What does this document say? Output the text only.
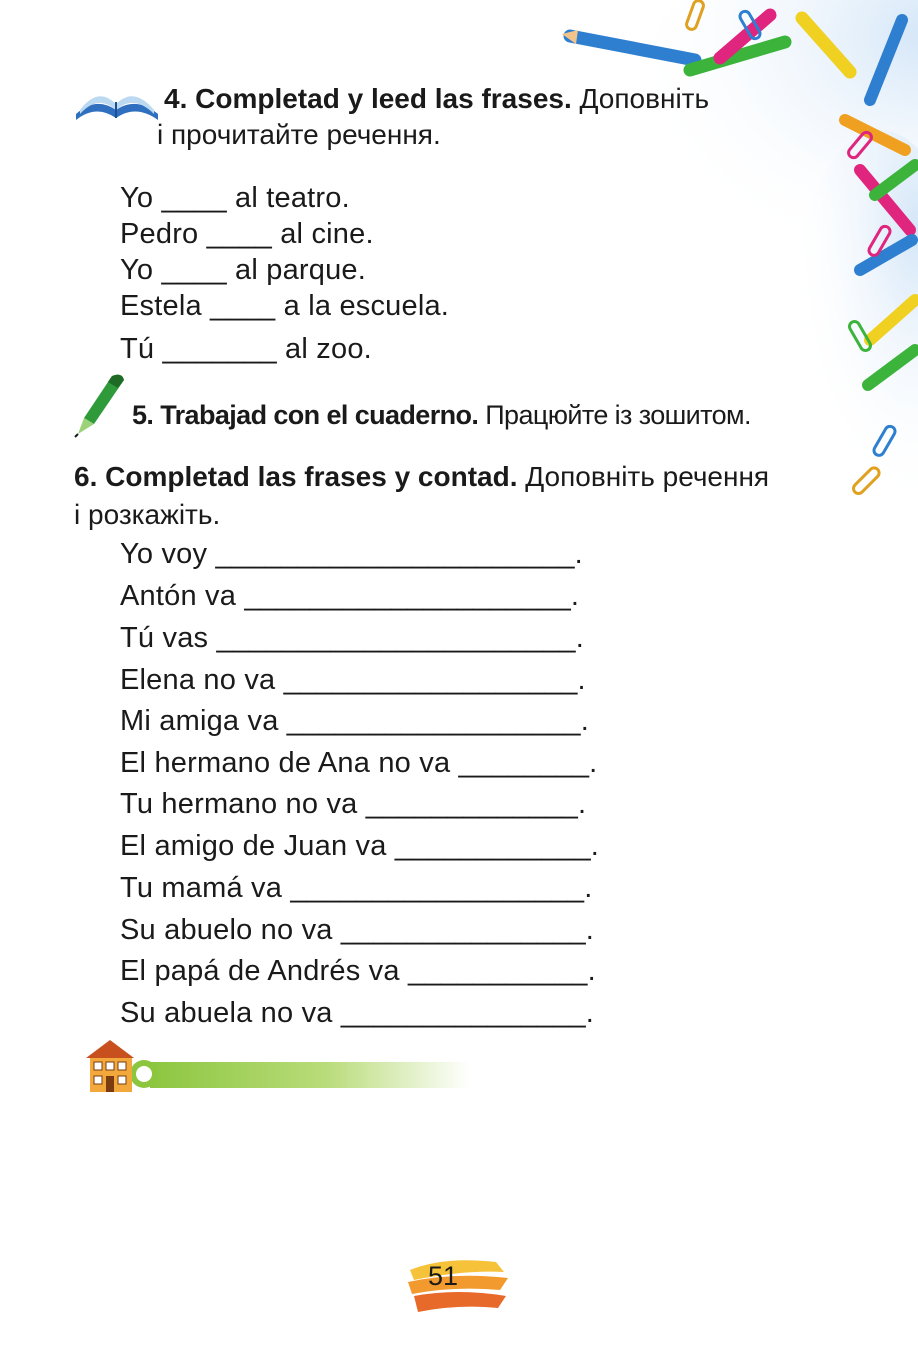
4. Completad y leed las frases. Доповніть
і прочитайте речення.
Yo ____ al teatro.
Pedro ____ al cine.
Yo ____ al parque.
Estela ____ a la escuela.
Tú _______ al zoo.
5. Trabajad con el cuaderno. Працюйте із зошитом.
6. Completad las frases y contad. Доповніть речення
і розкажіть.
Yo voy ______________________.
Antón va ____________________.
Tú vas ______________________.
Elena no va __________________.
Mi amiga va __________________.
El hermano de Ana no va ________.
Tu hermano no va _____________.
El amigo de Juan va ____________.
Tu mamá va __________________.
Su abuelo no va _______________.
El papá de Andrés va ___________.
Su abuela no va _______________.
51
